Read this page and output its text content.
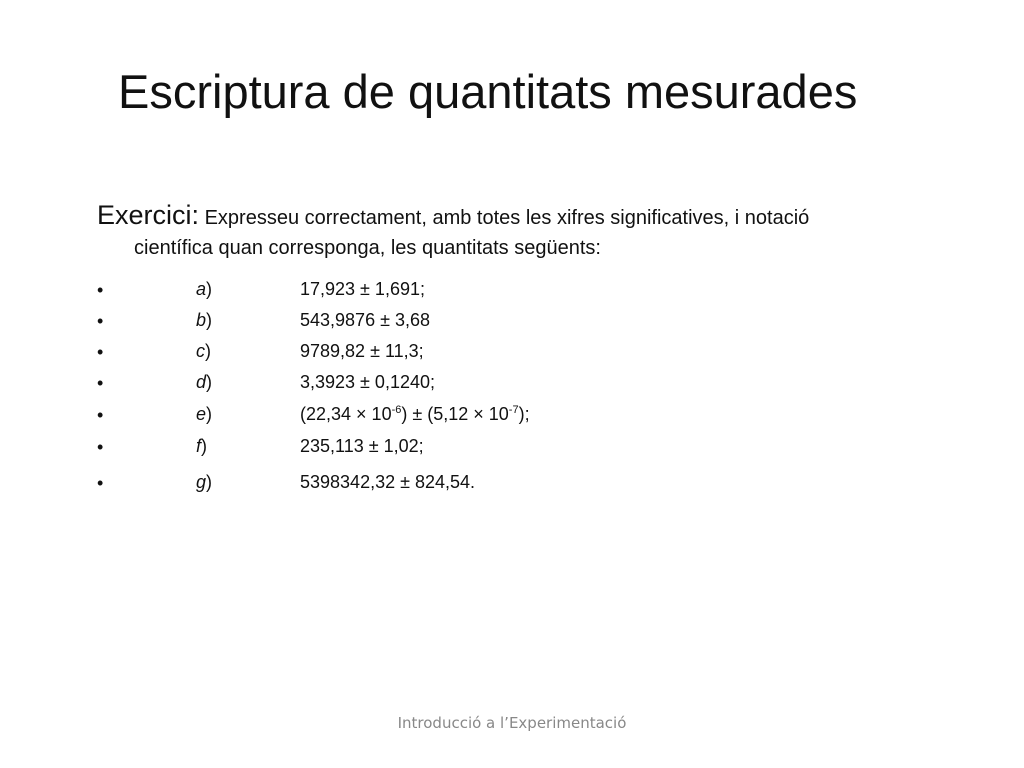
Escriptura de quantitats mesurades
Exercici: Expresseu correctament, amb totes les xifres significatives, i notació
científica quan corresponga, les quantitats següents:
•	a)	17,923 ± 1,691;
•	b)	543,9876 ± 3,68
•	c)	9789,82 ± 11,3;
•	d)	3,3923 ± 0,1240;
•	e)	$(22,34 \times 10^{-6}) \pm (5,12 \times 10^{-7})$;
•	f)	235,113 ± 1,02;
•	g)	5398342,32 ± 824,54.
Introducció a l’Experimentació
